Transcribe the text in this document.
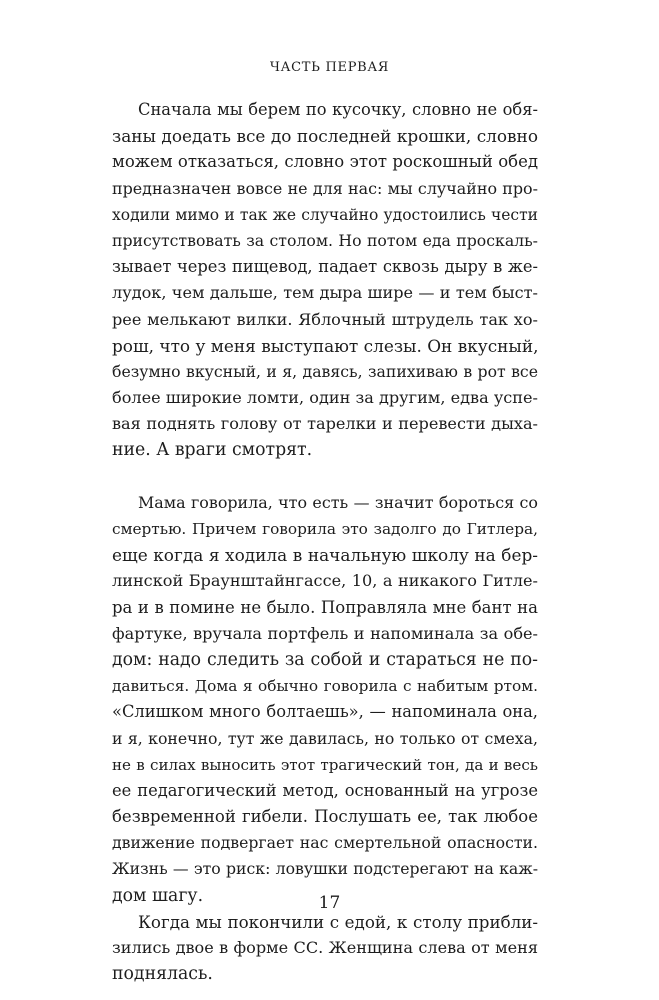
ЧАСТЬ ПЕРВАЯ
Сначала мы берем по кусочку, словно не обя-
заны доедать все до последней крошки, словно
можем отказаться, словно этот роскошный обед
предназначен вовсе не для нас: мы случайно про-
ходили мимо и так же случайно удостоились чести
присутствовать за столом. Но потом еда проскаль-
зывает через пищевод, падает сквозь дыру в же-
лудок, чем дальше, тем дыра шире — и тем быст-
рее мелькают вилки. Яблочный штрудель так хо-
рош, что у меня выступают слезы. Он вкусный,
безумно вкусный, и я, давясь, запихиваю в рот все
более широкие ломти, один за другим, едва успе-
вая поднять голову от тарелки и перевести дыха-
ние. А враги смотрят.
Мама говорила, что есть — значит бороться со
смертью. Причем говорила это задолго до Гитлера,
еще когда я ходила в начальную школу на бер-
линской Браунштайнгассе, 10, а никакого Гитле-
ра и в помине не было. Поправляла мне бант на
фартуке, вручала портфель и напоминала за обе-
дом: надо следить за собой и стараться не по-
давиться. Дома я обычно говорила с набитым ртом.
«Слишком много болтаешь», — напоминала она,
и я, конечно, тут же давилась, но только от смеха,
не в силах выносить этот трагический тон, да и весь
ее педагогический метод, основанный на угрозе
безвременной гибели. Послушать ее, так любое
движение подвергает нас смертельной опасности.
Жизнь — это риск: ловушки подстерегают на каж-
дом шагу.
Когда мы покончили с едой, к столу прибли-
зились двое в форме СС. Женщина слева от меня
поднялась.
17
